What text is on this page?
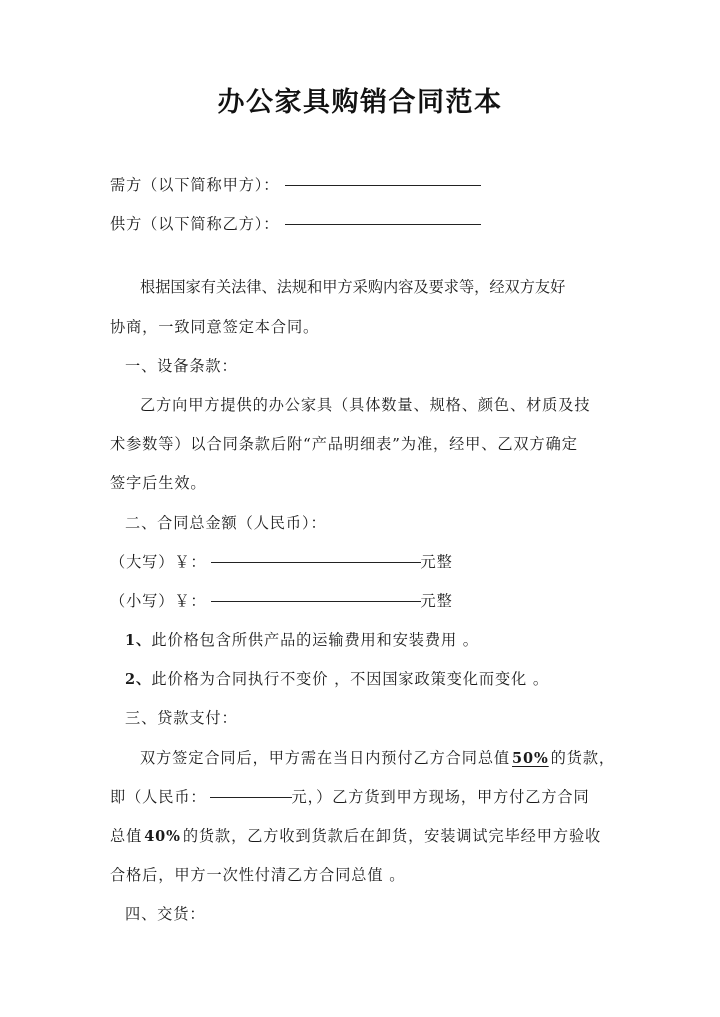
办公家具购销合同范本
需方（以下简称甲方）：
供方（以下简称乙方）：
根据国家有关法律、法规和甲方采购内容及要求等，经双方友好
协商，一致同意签定本合同。
一、设备条款：
乙方向甲方提供的办公家具（具体数量、规格、颜色、材质及技
术参数等）以合同条款后附“产品明细表”为准，经甲、乙双方确定
签字后生效。
二、合同总金额（人民币）：
（大写）￥：	元整
（小写）￥：	元整
1、此价格包含所供产品的运输费用和安装费用 。
2、此价格为合同执行不变价 ，不因国家政策变化而变化 。
三、贷款支付：
双方签定合同后，甲方需在当日内预付乙方合同总值 50% 的货款，
即（人民币：	元，）乙方货到甲方现场，甲方付乙方合同
总值 40% 的货款，乙方收到货款后在卸货，安装调试完毕经甲方验收
合格后，甲方一次性付清乙方合同总值 。
四、交货：
